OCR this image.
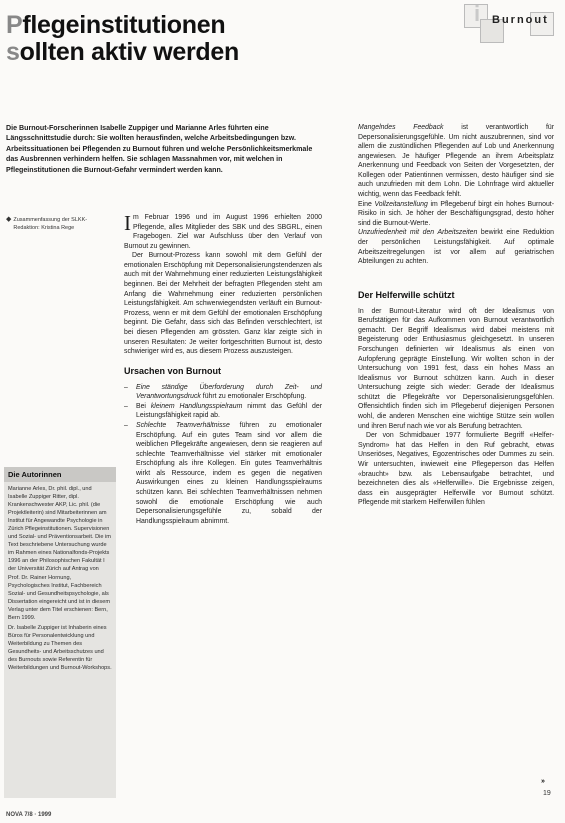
Pflegeinstitutionen
sollten aktiv werden
i Burnout
Die Burnout-Forscherinnen Isabelle Zuppiger und Marianne Arles führten eine Längsschnittstudie durch: Sie wollten herausfinden, welche Arbeitsbedingungen bzw. Arbeitssituationen bei Pflegenden zu Burnout führen und welche Persönlichkeitsmerkmale das Ausbrennen verhindern helfen. Sie schlagen Massnahmen vor, mit welchen in Pflegeinstitutionen die Burnout-Gefahr vermindert werden kann.
◆ Zusammenfassung der SLKK-Redaktion: Kristina Rege
Die Autorinnen

Marianne Arles, Dr. phil. dipl., und Isabelle Zuppiger Ritter, dipl. Krankenschwester AKP, Lic. phil. (die Projektleiterin) sind Mitarbeiterinnen am Institut für Angewandte Psychologie in Zürich Pflegeinstitutionen. Supervisionen und Sozial- und Präventionsarbeit. Die im Text beschriebene Untersuchung wurde im Rahmen eines Nationalfonds-Projekts 1996 an der Philosophischen Fakultät I der Universität Zürich auf Antrag von Prof. Dr. Rainer Hornung, Psychologisches Institut, Fachbereich Sozial- und Gesundheitspsychologie, als Dissertation eingereicht und ist in diesem Verlag unter dem Titel erschienen: Bern, Bern 1999.

Dr. Isabelle Zuppiger ist Inhaberin eines Büros für Personalentwicklung und Weiterbildung zu Themen des Gesundheits- und Arbeitsschutzes und des Burnouts sowie Referentin für Weiterbildungen und Burnout-Workshops.

Im Februar 1996 und im August 1996 erhielten 2000 Pflegende, alles Mitglieder des SBK und des SBGRL, einen Fragebogen. Ziel war Aufschluss über den Verlauf von Burnout zu gewinnen.

Der Burnout-Prozess kann sowohl mit dem Gefühl der emotionalen Erschöpfung mit Depersonalisierungstendenzen als auch mit der Wahrnehmung einer reduzierten Leistungsfähigkeit beginnen. Bei der Mehrheit der befragten Pflegenden steht am Anfang die Wahrnehmung einer reduzierten persönlichen Leistungsfähigkeit. Am schwerwiegendsten verläuft ein Burnout-Prozess, wenn er mit dem Gefühl der emotionalen Erschöpfung beginnt. Die Gefahr, dass sich das Befinden verschlechtert, ist bei diesen Pflegenden am grössten. Ganz klar zeigte sich in unseren Resultaten: Je weiter fortgeschritten Burnout ist, desto schwieriger wird es, aus diesem Prozess auszusteigen.

Ursachen von Burnout
– Eine ständige Überforderung durch Zeit- und Verantwortungsdruck führt zu emotionaler Erschöpfung.
– Bei kleinem Handlungsspielraum nimmt das Gefühl der Leistungsfähigkeit rapid ab.
– Schlechte Teamverhältnisse führen zu emotionaler Erschöpfung. Auf ein gutes Team sind vor allem die weiblichen Pflegekräfte angewiesen, denn sie reagieren auf schlechte Teamverhältnisse viel stärker mit emotionaler Erschöpfung als ihre Kollegen. Ein gutes Teamverhältnis wirkt als Ressource, indem es gegen die negativen Auswirkungen eines zu kleinen Handlungsspielraums schützen kann. Bei schlechten Teamverhältnissen nehmen sowohl die emotionale Erschöpfung wie auch Depersonalisierungsgefühle zu, sobald der Handlungsspielraum abnimmt.

Mangelndes Feedback ist verantwortlich für Depersonalisierungsgefühle. Um nicht auszubrennen, sind vor allem die zustündlichen Pflegenden auf Lob und Anerkennung angewiesen. Je häufiger Pflegende an ihrem Arbeitsplatz Anerkennung und Feedback von Seiten der Vorgesetzten, der Kollegen oder Patientinnen vermissen, desto häufiger sind sie auch unzufrieden mit dem Lohn. Die Lohnfrage wird aktueller wichtig, wenn das Feedback fehlt.

Eine Vollzeitanstellung im Pflegeberuf birgt ein hohes Burnout-Risiko in sich. Je höher der Beschäftigungsgrad, desto höher sind die Burnout-Werte.

Unzufriedenheit mit den Arbeitszeiten bewirkt eine Reduktion der persönlichen Leistungsfähigkeit. Auf optimale Arbeitszeitregelungen ist vor allem auf geriatrischen Abteilungen zu achten.

Der Helferwille schützt

In der Burnout-Literatur wird oft der Idealismus von Berufstätigen für das Aufkommen von Burnout verantwortlich gemacht. Der Begriff Idealismus wird dabei meistens mit Begeisterung oder Enthusiasmus gleichgesetzt. In unseren Forschungen definierten wir Idealismus als einen von Aufopferung geprägte Einstellung. Wir wollten schon in der Untersuchung von 1991 fest, dass ein hohes Mass an Idealismus vor Burnout schützen kann. Auch in dieser Untersuchung zeigte sich wieder: Gerade der Idealismus schützt die Pflegekräfte vor Depersonalisierungsgefühlen. Offensichtlich finden sich im Pflegeberuf diejenigen Personen wohl, die anderen Menschen eine wichtige Stütze sein wollen und ihren Beruf nach wie vor als Berufung betrachten.

Der von Schmidbauer 1977 formulierte Begriff «Helfer-Syndrom» hat das Helfen in den Ruf gebracht, etwas Unseriöses, Negatives, Egozentrisches oder Dummes zu sein. Wir untersuchten, inwieweit eine Pflegeperson das Helfen «braucht» bzw. als Lebensaufgabe betrachtet, und bezeichneten dies als «Helferwille». Die Ergebnisse zeigen, dass ein ausgeprägter Helferwille vor Burnout schützt. Pflegende mit starkem Helferwillen fühlen

NOVA 7/8 · 1999
»
19
